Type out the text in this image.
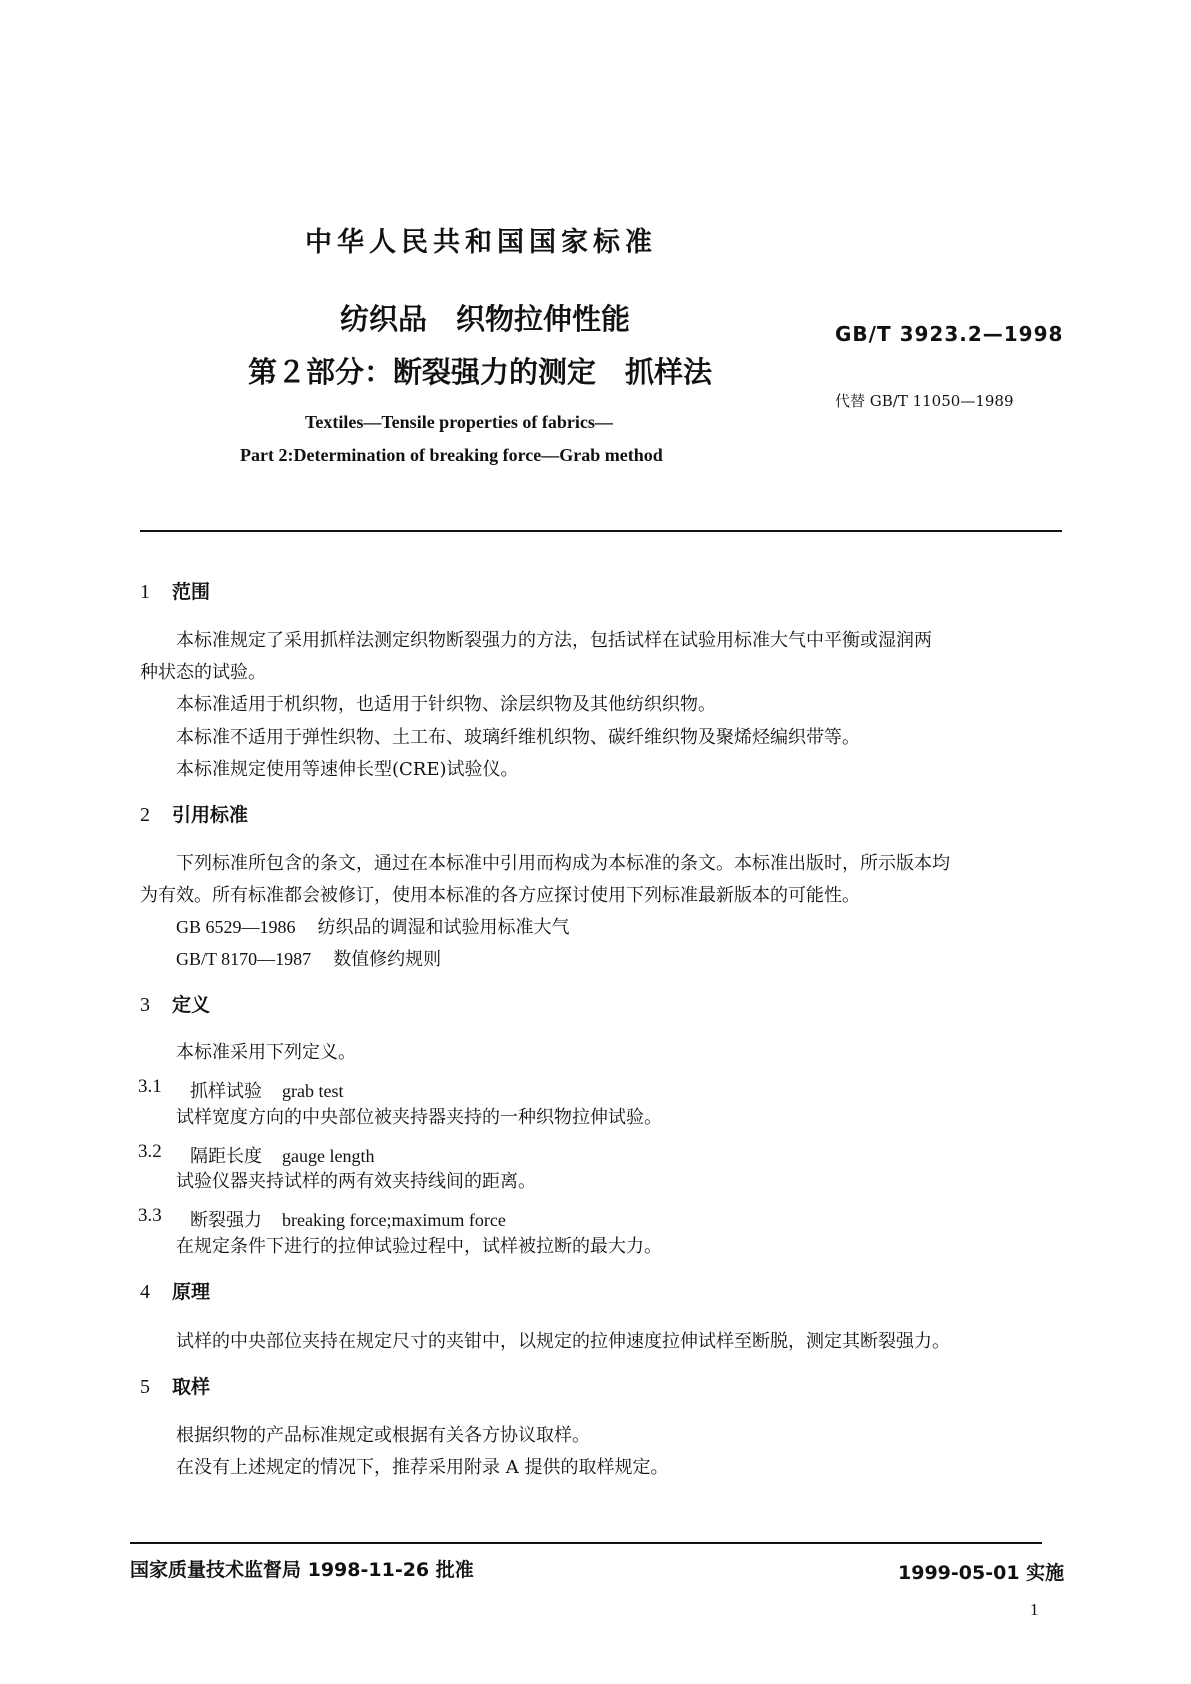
中华人民共和国国家标准
纺织品　织物拉伸性能
第２部分：断裂强力的测定　抓样法
GB/T 3923.2—1998
代替 GB/T 11050—1989
Textiles—Tensile properties of fabrics—
Part 2:Determination of breaking force—Grab method
1 范围
本标准规定了采用抓样法测定织物断裂强力的方法，包括试样在试验用标准大气中平衡或湿润两
种状态的试验。
本标准适用于机织物，也适用于针织物、涂层织物及其他纺织织物。
本标准不适用于弹性织物、土工布、玻璃纤维机织物、碳纤维织物及聚烯烃编织带等。
本标准规定使用等速伸长型(CRE)试验仪。
2 引用标准
下列标准所包含的条文，通过在本标准中引用而构成为本标准的条文。本标准出版时，所示版本均
为有效。所有标准都会被修订，使用本标准的各方应探讨使用下列标准最新版本的可能性。
GB 6529—1986 纺织品的调湿和试验用标准大气
GB/T 8170—1987 数值修约规则
3 定义
本标准采用下列定义。
3.1 抓样试验 grab test
试样宽度方向的中央部位被夹持器夹持的一种织物拉伸试验。
3.2 隔距长度 gauge length
试验仪器夹持试样的两有效夹持线间的距离。
3.3 断裂强力 breaking force;maximum force
在规定条件下进行的拉伸试验过程中，试样被拉断的最大力。
4 原理
试样的中央部位夹持在规定尺寸的夹钳中，以规定的拉伸速度拉伸试样至断脱，测定其断裂强力。
5 取样
根据织物的产品标准规定或根据有关各方协议取样。
在没有上述规定的情况下，推荐采用附录 A 提供的取样规定。
国家质量技术监督局 1998-11-26 批准	1999-05-01 实施
1
